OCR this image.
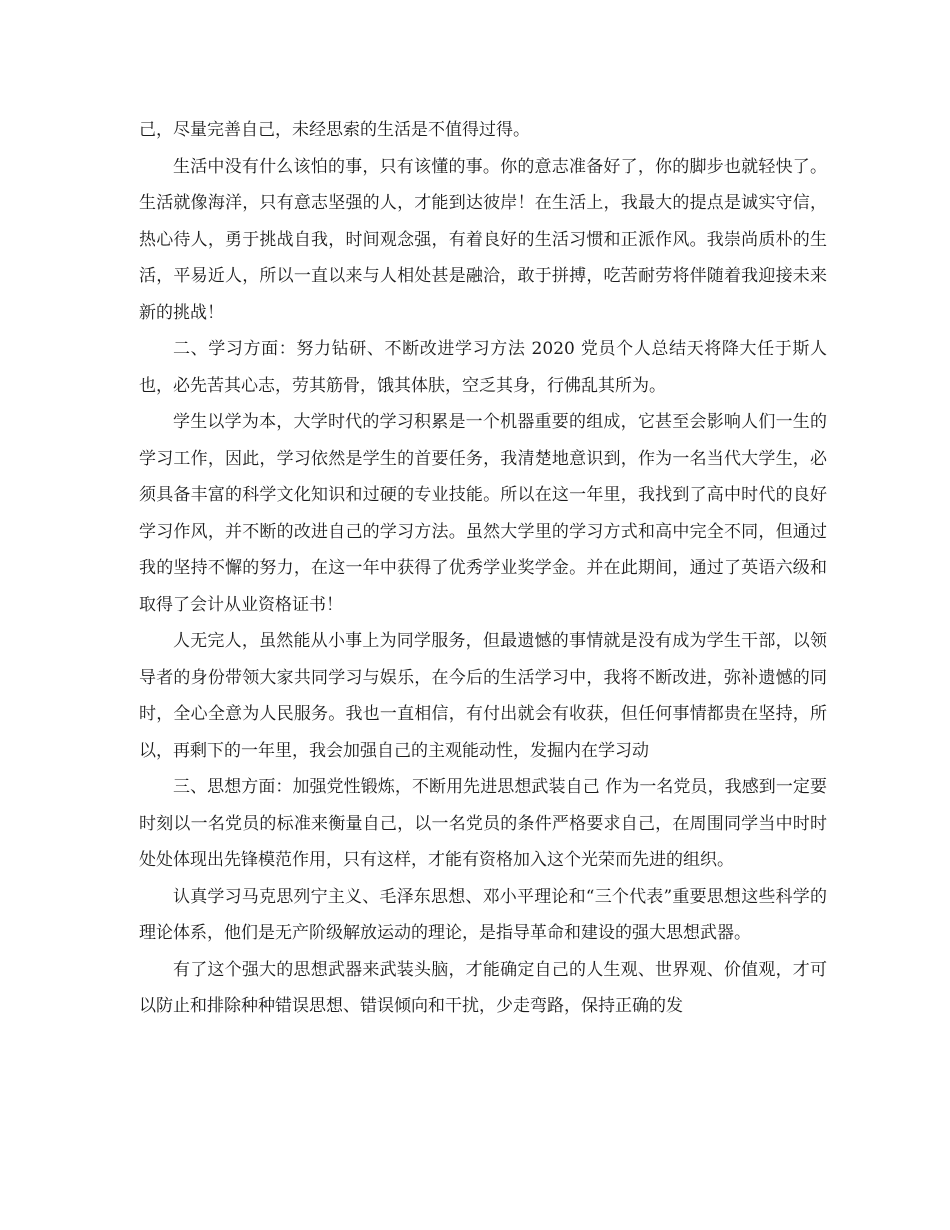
己，尽量完善自己，未经思索的生活是不值得过得。

生活中没有什么该怕的事，只有该懂的事。你的意志准备好了，你的脚步也就轻快了。生活就像海洋，只有意志坚强的人，才能到达彼岸！在生活上，我最大的提点是诚实守信，热心待人，勇于挑战自我，时间观念强，有着良好的生活习惯和正派作风。我崇尚质朴的生活，平易近人，所以一直以来与人相处甚是融洽，敢于拼搏，吃苦耐劳将伴随着我迎接未来新的挑战！

二、学习方面：努力钻研、不断改进学习方法 2020 党员个人总结天将降大任于斯人也，必先苦其心志，劳其筋骨，饿其体肤，空乏其身，行佛乱其所为。

学生以学为本，大学时代的学习积累是一个机器重要的组成，它甚至会影响人们一生的学习工作，因此，学习依然是学生的首要任务，我清楚地意识到，作为一名当代大学生，必须具备丰富的科学文化知识和过硬的专业技能。所以在这一年里，我找到了高中时代的良好学习作风，并不断的改进自己的学习方法。虽然大学里的学习方式和高中完全不同，但通过我的坚持不懈的努力，在这一年中获得了优秀学业奖学金。并在此期间，通过了英语六级和取得了会计从业资格证书！

人无完人，虽然能从小事上为同学服务，但最遗憾的事情就是没有成为学生干部，以领导者的身份带领大家共同学习与娱乐，在今后的生活学习中，我将不断改进，弥补遗憾的同时，全心全意为人民服务。我也一直相信，有付出就会有收获，但任何事情都贵在坚持，所以，再剩下的一年里，我会加强自己的主观能动性，发掘内在学习动

三、思想方面：加强党性锻炼，不断用先进思想武装自己 作为一名党员，我感到一定要时刻以一名党员的标准来衡量自己，以一名党员的条件严格要求自己，在周围同学当中时时处处体现出先锋模范作用，只有这样，才能有资格加入这个光荣而先进的组织。

认真学习马克思列宁主义、毛泽东思想、邓小平理论和“三个代表”重要思想这些科学的理论体系，他们是无产阶级解放运动的理论，是指导革命和建设的强大思想武器。

有了这个强大的思想武器来武装头脑，才能确定自己的人生观、世界观、价值观，才可以防止和排除种种错误思想、错误倾向和干扰，少走弯路，保持正确的发
